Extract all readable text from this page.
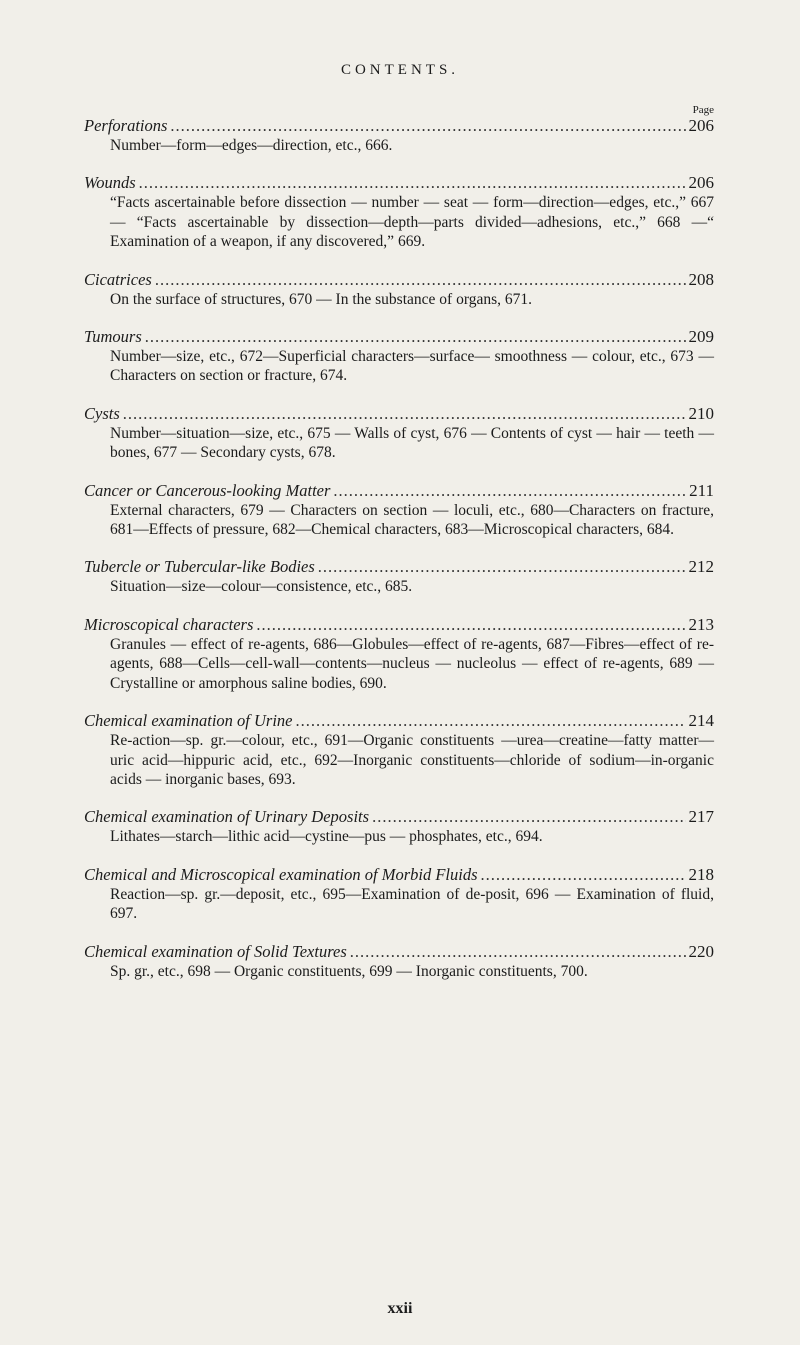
CONTENTS.
Page
Perforations .....	206
Number—form—edges—direction, etc., 666.
Wounds .....	206
“Facts ascertainable before dissection — number — seat — form—direction—edges, etc.,” 667 — “Facts ascertainable by dissection—depth—parts divided—adhesions, etc.,” 668 —“ Examination of a weapon, if any discovered,” 669.
Cicatrices .....	208
On the surface of structures, 670 — In the substance of organs, 671.
Tumours .....	209
Number—size, etc., 672—Superficial characters—surface— smoothness — colour, etc., 673 — Characters on section or fracture, 674.
Cysts .....	210
Number—situation—size, etc., 675 — Walls of cyst, 676 — Contents of cyst — hair — teeth — bones, 677 — Secondary cysts, 678.
Cancer or Cancerous-looking Matter .....	211
External characters, 679 — Characters on section — loculi, etc., 680—Characters on fracture, 681—Effects of pressure, 682—Chemical characters, 683—Microscopical characters, 684.
Tubercle or Tubercular-like Bodies .....	212
Situation—size—colour—consistence, etc., 685.
Microscopical characters .....	213
Granules — effect of re-agents, 686—Globules—effect of re-agents, 687—Fibres—effect of re-agents, 688—Cells—cell-wall—contents—nucleus — nucleolus — effect of re-agents, 689 — Crystalline or amorphous saline bodies, 690.
Chemical examination of Urine .....	214
Re-action—sp. gr.—colour, etc., 691—Organic constituents —urea—creatine—fatty matter—uric acid—hippuric acid, etc., 692—Inorganic constituents—chloride of sodium—in-organic acids — inorganic bases, 693.
Chemical examination of Urinary Deposits .....	217
Lithates—starch—lithic acid—cystine—pus — phosphates, etc., 694.
Chemical and Microscopical examination of Morbid Fluids .....	218
Reaction—sp. gr.—deposit, etc., 695—Examination of de-posit, 696 — Examination of fluid, 697.
Chemical examination of Solid Textures .....	220
Sp. gr., etc., 698 — Organic constituents, 699 — Inorganic constituents, 700.
xxii
